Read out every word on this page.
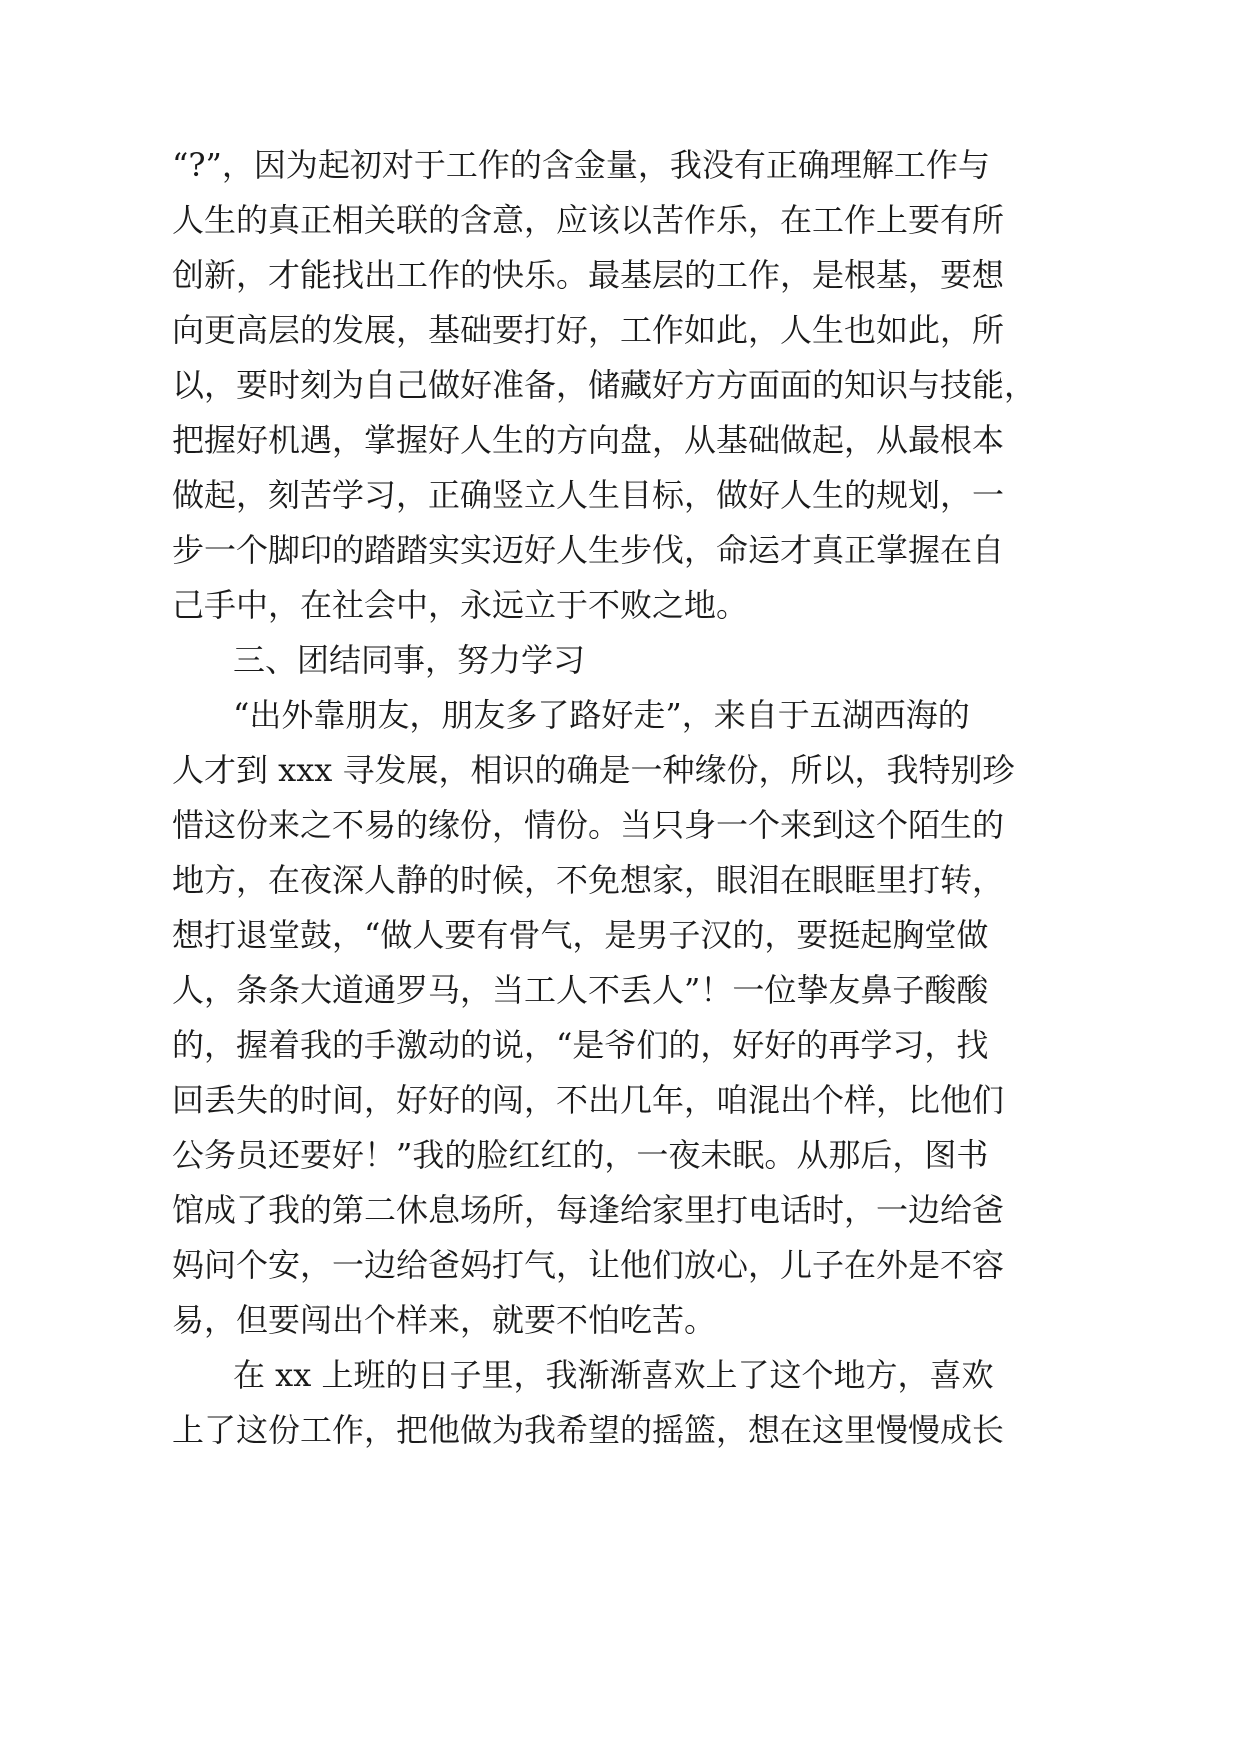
“?”，因为起初对于工作的含金量，我没有正确理解工作与
人生的真正相关联的含意，应该以苦作乐，在工作上要有所
创新，才能找出工作的快乐。最基层的工作，是根基，要想
向更高层的发展，基础要打好，工作如此，人生也如此，所
以，要时刻为自己做好准备，储藏好方方面面的知识与技能，
把握好机遇，掌握好人生的方向盘，从基础做起，从最根本
做起，刻苦学习，正确竖立人生目标，做好人生的规划，一
步一个脚印的踏踏实实迈好人生步伐，命运才真正掌握在自
己手中，在社会中，永远立于不败之地。
三、团结同事，努力学习
“出外靠朋友，朋友多了路好走”，来自于五湖西海的
人才到 xxx 寻发展，相识的确是一种缘份，所以，我特别珍
惜这份来之不易的缘份，情份。当只身一个来到这个陌生的
地方，在夜深人静的时候，不免想家，眼泪在眼眶里打转，
想打退堂鼓，“做人要有骨气，是男子汉的，要挺起胸堂做
人，条条大道通罗马，当工人不丢人”！一位挚友鼻子酸酸
的，握着我的手激动的说，“是爷们的，好好的再学习，找
回丢失的时间，好好的闯，不出几年，咱混出个样，比他们
公务员还要好！”我的脸红红的，一夜未眠。从那后，图书
馆成了我的第二休息场所，每逢给家里打电话时，一边给爸
妈问个安，一边给爸妈打气，让他们放心，儿子在外是不容
易，但要闯出个样来，就要不怕吃苦。
在 xx 上班的日子里，我渐渐喜欢上了这个地方，喜欢
上了这份工作，把他做为我希望的摇篮，想在这里慢慢成长
